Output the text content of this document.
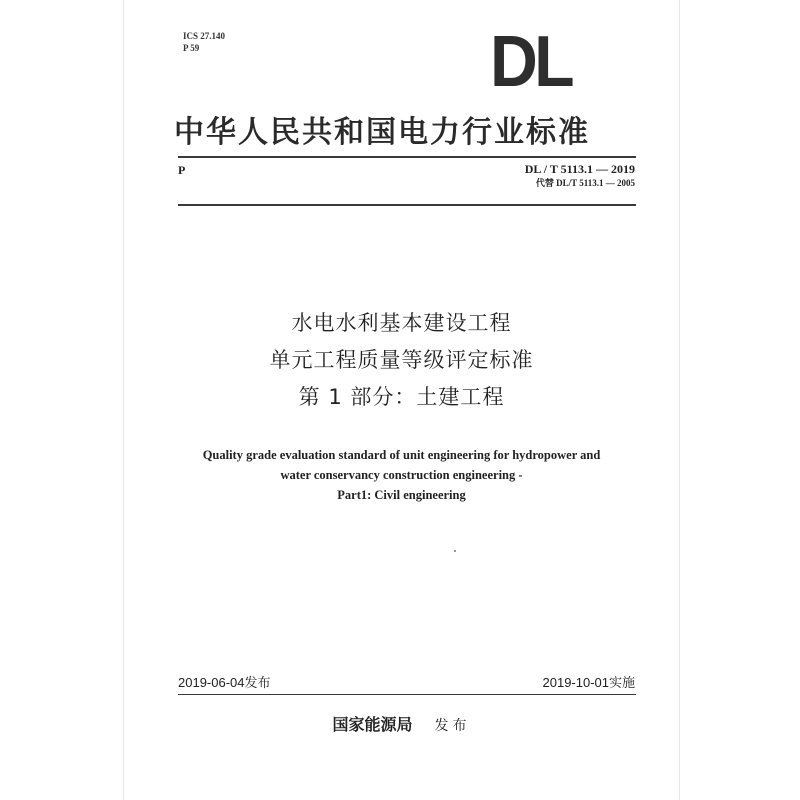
ICS 27.140
P 59	DL
中华人民共和国电力行业标准
P	DL / T 5113.1 — 2019
代替 DL/T 5113.1 — 2005
水电水利基本建设工程
单元工程质量等级评定标准
第 1 部分：土建工程
Quality grade evaluation standard of unit engineering for hydropower and
water conservancy construction engineering -
Part1: Civil engineering
2019-06-04发布	2019-10-01实施
国家能源局 发布
